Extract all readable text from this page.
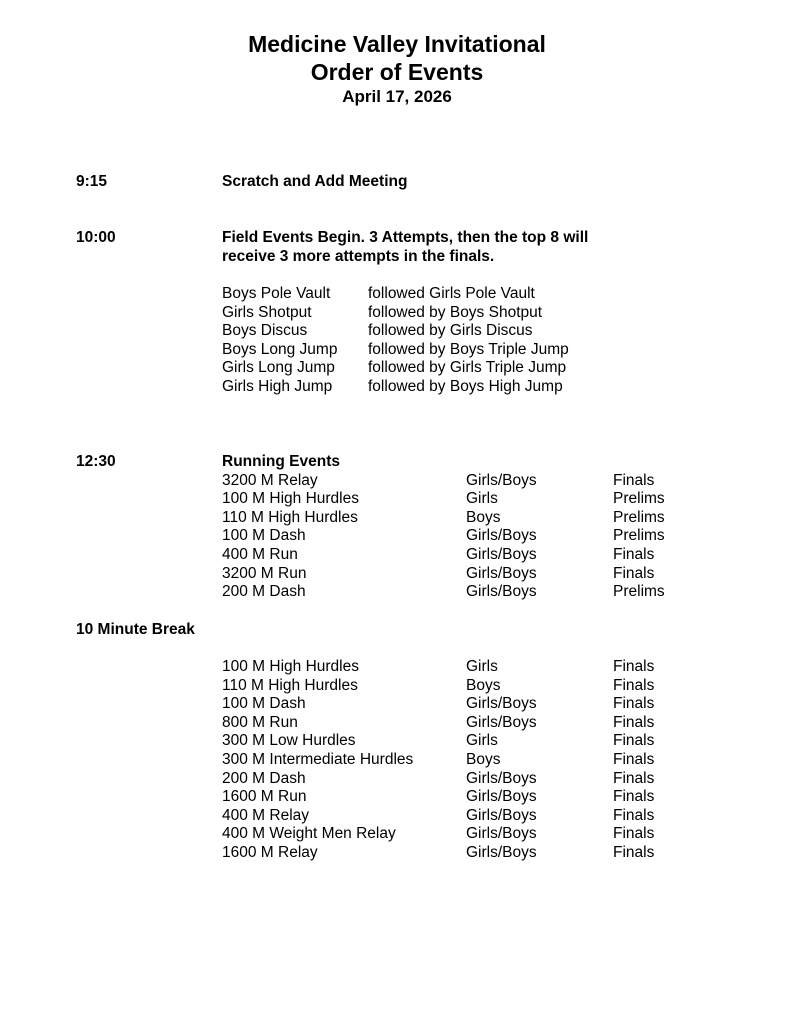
Medicine Valley Invitational
Order of Events
April 17, 2026
9:15	Scratch and Add Meeting
10:00	Field Events Begin. 3 Attempts, then the top 8 will
receive 3 more attempts in the finals.
Boys Pole Vault followed Girls Pole Vault
Girls Shotput	followed by Boys Shotput
Boys Discus	followed by Girls Discus
Boys Long Jump followed by Boys Triple Jump
Girls Long Jump followed by Girls Triple Jump
Girls High Jump followed by Boys High Jump
12:30	Running Events
3200 M Relay	Girls/Boys	Finals
100 M High Hurdles	Girls	Prelims
110 M High Hurdles	Boys	Prelims
100 M Dash	Girls/Boys	Prelims
400 M Run	Girls/Boys	Finals
3200 M Run	Girls/Boys	Finals
200 M Dash	Girls/Boys	Prelims
10 Minute Break
100 M High Hurdles	Girls	Finals
110 M High Hurdles	Boys	Finals
100 M Dash	Girls/Boys	Finals
800 M Run	Girls/Boys	Finals
300 M Low Hurdles	Girls	Finals
300 M Intermediate Hurdles	Boys	Finals
200 M Dash	Girls/Boys	Finals
1600 M Run	Girls/Boys	Finals
400 M Relay	Girls/Boys	Finals
400 M Weight Men Relay	Girls/Boys	Finals
1600 M Relay	Girls/Boys	Finals
